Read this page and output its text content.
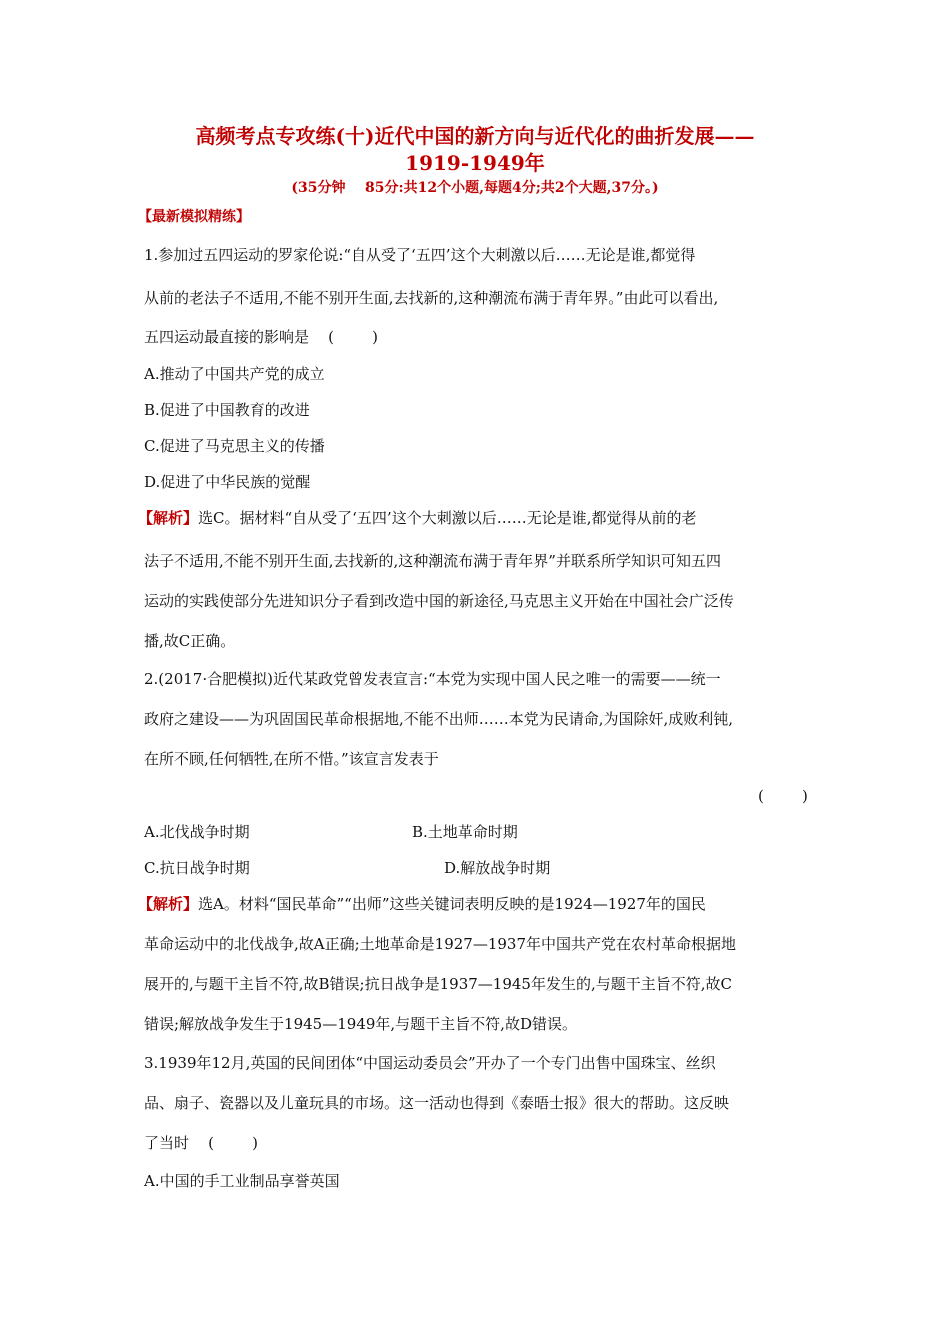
高频考点专攻练(十)近代中国的新方向与近代化的曲折发展——
1919-1949年
(35分钟    85分:共12个小题,每题4分;共2个大题,37分。)
【最新模拟精练】
1.参加过五四运动的罗家伦说:“自从受了‘五四’这个大刺激以后……无论是谁,都觉得
从前的老法子不适用,不能不别开生面,去找新的,这种潮流布满于青年界。”由此可以看出,
五四运动最直接的影响是    (        )
A.推动了中国共产党的成立
B.促进了中国教育的改进
C.促进了马克思主义的传播
D.促进了中华民族的觉醒
【解析】选C。据材料“自从受了‘五四’这个大刺激以后……无论是谁,都觉得从前的老
法子不适用,不能不别开生面,去找新的,这种潮流布满于青年界”并联系所学知识可知五四
运动的实践使部分先进知识分子看到改造中国的新途径,马克思主义开始在中国社会广泛传
播,故C正确。
2.(2017·合肥模拟)近代某政党曾发表宣言:“本党为实现中国人民之唯一的需要——统一
政府之建设——为巩固国民革命根据地,不能不出师……本党为民请命,为国除奸,成败利钝,
在所不顾,任何牺牲,在所不惜。”该宣言发表于
(        )
A.北伐战争时期	B.土地革命时期
C.抗日战争时期	D.解放战争时期
【解析】选A。材料“国民革命”“出师”这些关键词表明反映的是1924—1927年的国民
革命运动中的北伐战争,故A正确;土地革命是1927—1937年中国共产党在农村革命根据地
展开的,与题干主旨不符,故B错误;抗日战争是1937—1945年发生的,与题干主旨不符,故C
错误;解放战争发生于1945—1949年,与题干主旨不符,故D错误。
3.1939年12月,英国的民间团体“中国运动委员会”开办了一个专门出售中国珠宝、丝织
品、扇子、瓷器以及儿童玩具的市场。这一活动也得到《泰晤士报》很大的帮助。这反映
了当时    (        )
A.中国的手工业制品享誉英国
